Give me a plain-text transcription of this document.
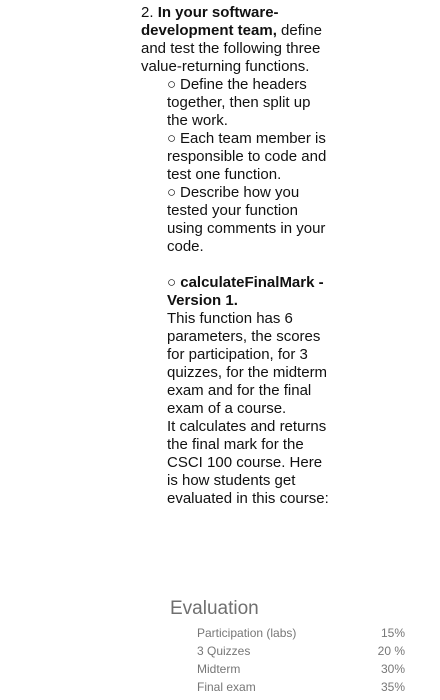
2. In your software-development team, define and test the following three value-returning functions.
○ Define the headers together, then split up the work.
○ Each team member is responsible to code and test one function.
○ Describe how you tested your function using comments in your code.
○ calculateFinalMark - Version 1.
This function has 6 parameters, the scores for participation, for 3 quizzes, for the midterm exam and for the final exam of a course.
It calculates and returns the final mark for the CSCI 100 course. Here is how students get evaluated in this course:
Evaluation
Participation (labs)	15%
3 Quizzes	20 %
Midterm	30%
Final exam	35%
